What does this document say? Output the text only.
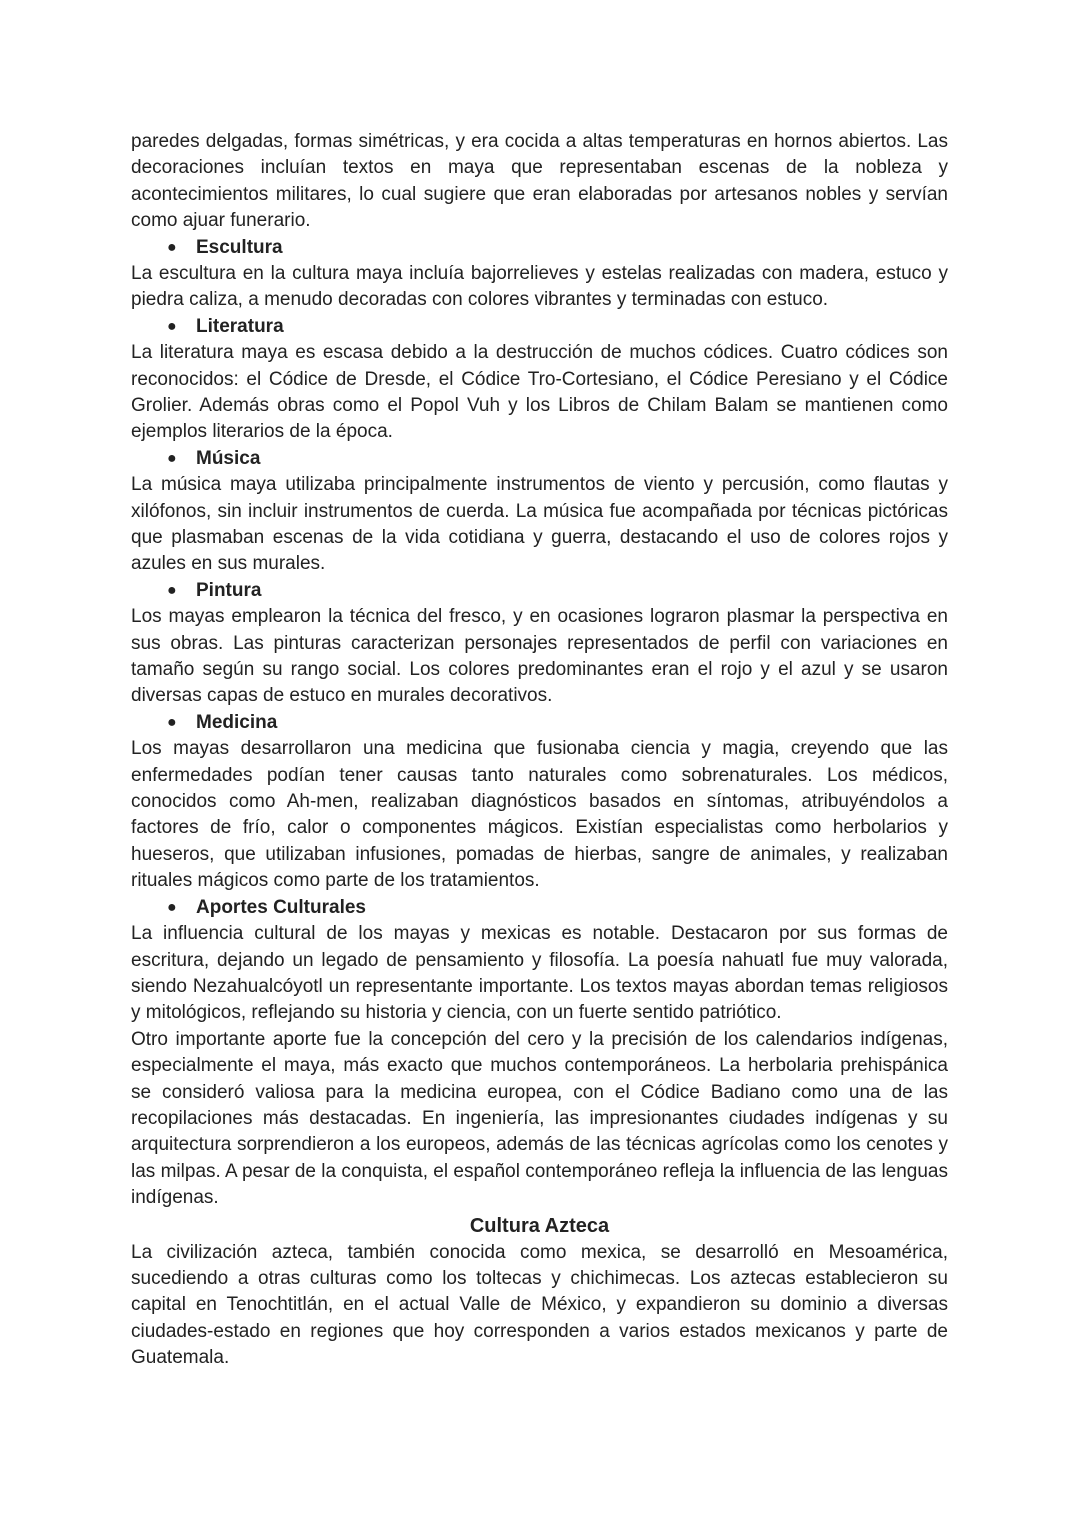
paredes delgadas, formas simétricas, y era cocida a altas temperaturas en hornos abiertos. Las decoraciones incluían textos en maya que representaban escenas de la nobleza y acontecimientos militares, lo cual sugiere que eran elaboradas por artesanos nobles y servían como ajuar funerario.

● Escultura

La escultura en la cultura maya incluía bajorrelieves y estelas realizadas con madera, estuco y piedra caliza, a menudo decoradas con colores vibrantes y terminadas con estuco.

● Literatura

La literatura maya es escasa debido a la destrucción de muchos códices. Cuatro códices son reconocidos: el Códice de Dresde, el Códice Tro-Cortesiano, el Códice Peresiano y el Códice Grolier. Además obras como el Popol Vuh y los Libros de Chilam Balam se mantienen como ejemplos literarios de la época.

● Música

La música maya utilizaba principalmente instrumentos de viento y percusión, como flautas y xilófonos, sin incluir instrumentos de cuerda. La música fue acompañada por técnicas pictóricas que plasmaban escenas de la vida cotidiana y guerra, destacando el uso de colores rojos y azules en sus murales.

● Pintura

Los mayas emplearon la técnica del fresco, y en ocasiones lograron plasmar la perspectiva en sus obras. Las pinturas caracterizan personajes representados de perfil con variaciones en tamaño según su rango social. Los colores predominantes eran el rojo y el azul y se usaron diversas capas de estuco en murales decorativos.

● Medicina

Los mayas desarrollaron una medicina que fusionaba ciencia y magia, creyendo que las enfermedades podían tener causas tanto naturales como sobrenaturales. Los médicos, conocidos como Ah-men, realizaban diagnósticos basados en síntomas, atribuyéndolos a factores de frío, calor o componentes mágicos. Existían especialistas como herbolarios y hueseros, que utilizaban infusiones, pomadas de hierbas, sangre de animales, y realizaban rituales mágicos como parte de los tratamientos.

● Aportes Culturales

La influencia cultural de los mayas y mexicas es notable. Destacaron por sus formas de escritura, dejando un legado de pensamiento y filosofía. La poesía nahuatl fue muy valorada, siendo Nezahualcóyotl un representante importante. Los textos mayas abordan temas religiosos y mitológicos, reflejando su historia y ciencia, con un fuerte sentido patriótico.

Otro importante aporte fue la concepción del cero y la precisión de los calendarios indígenas, especialmente el maya, más exacto que muchos contemporáneos. La herbolaria prehispánica se consideró valiosa para la medicina europea, con el Códice Badiano como una de las recopilaciones más destacadas. En ingeniería, las impresionantes ciudades indígenas y su arquitectura sorprendieron a los europeos, además de las técnicas agrícolas como los cenotes y las milpas. A pesar de la conquista, el español contemporáneo refleja la influencia de las lenguas indígenas.

Cultura Azteca

La civilización azteca, también conocida como mexica, se desarrolló en Mesoamérica, sucediendo a otras culturas como los toltecas y chichimecas. Los aztecas establecieron su capital en Tenochtitlán, en el actual Valle de México, y expandieron su dominio a diversas ciudades-estado en regiones que hoy corresponden a varios estados mexicanos y parte de Guatemala.
